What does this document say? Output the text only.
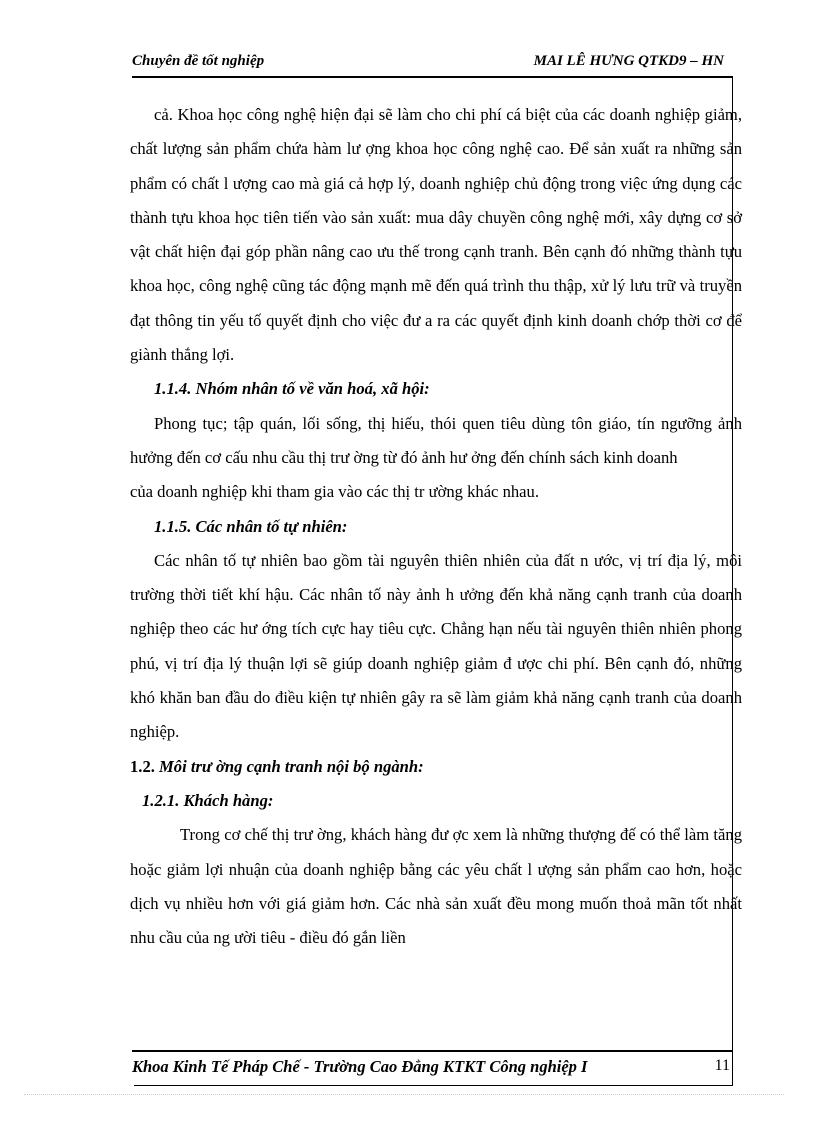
Chuyên đề tốt nghiệp	MAI LÊ HƯNG QTKD9 – HN

cả. Khoa học công nghệ hiện đại sẽ làm cho chi phí cá biệt của các doanh nghiệp giảm, chất lượng sản phẩm chứa hàm lư ợng khoa học công nghệ cao. Để sản xuất ra những sản phẩm có chất l ượng cao mà giá cả hợp lý, doanh nghiệp chủ động trong việc ứng dụng các thành tựu khoa học tiên tiến vào sản xuất: mua dây chuyền công nghệ mới, xây dựng cơ sở vật chất hiện đại góp phần nâng cao ưu thế trong cạnh tranh. Bên cạnh đó những thành tựu khoa học, công nghệ cũng tác động mạnh mẽ đến quá trình thu thập, xử lý lưu trữ và truyền đạt thông tin yếu tố quyết định cho việc đư a ra các quyết định kinh doanh chớp thời cơ để giành thắng lợi.

1.1.4. Nhóm nhân tố về văn hoá, xã hội:

Phong tục; tập quán, lối sống, thị hiếu, thói quen tiêu dùng tôn giáo, tín ngưỡng ảnh hưởng đến cơ cấu nhu cầu thị trư ờng từ đó ảnh hư ởng đến chính sách kinh doanh

của doanh nghiệp khi tham gia vào các thị tr ường khác nhau.

1.1.5. Các nhân tố tự nhiên:

Các nhân tố tự nhiên bao gồm tài nguyên thiên nhiên của đất n ước, vị trí địa lý, môi trường thời tiết khí hậu. Các nhân tố này ảnh h ưởng đến khả năng cạnh tranh của doanh nghiệp theo các hư ớng tích cực hay tiêu cực. Chẳng hạn nếu tài nguyên thiên nhiên phong phú, vị trí địa lý thuận lợi sẽ giúp doanh nghiệp giảm đ ược chi phí. Bên cạnh đó, những khó khăn ban đầu do điều kiện tự nhiên gây ra sẽ làm giảm khả năng cạnh tranh của doanh nghiệp.

1.2. Môi trư ờng cạnh tranh nội bộ ngành:

1.2.1. Khách hàng:

Trong cơ chế thị trư ờng, khách hàng đư ợc xem là những thượng đế có thể làm tăng hoặc giảm lợi nhuận của doanh nghiệp bằng các yêu chất l ượng sản phẩm cao hơn, hoặc dịch vụ nhiều hơn với giá giảm hơn. Các nhà sản xuất đều mong muốn thoả mãn tốt nhất nhu cầu của ng ười tiêu - điều đó gắn liền

Khoa Kinh Tế Pháp Chế - Trường Cao Đẳng KTKT Công nghiệp I	11
